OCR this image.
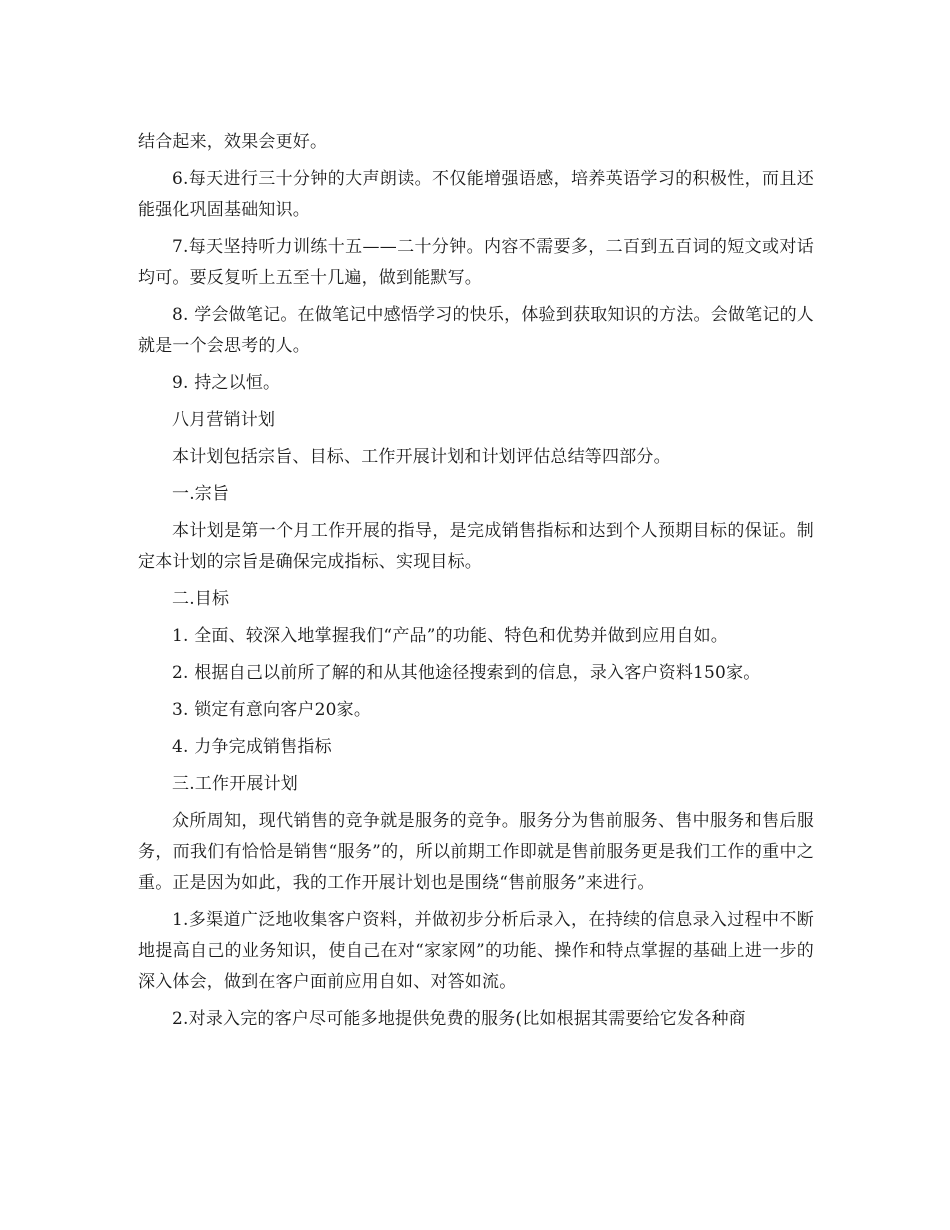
结合起来，效果会更好。

6.每天进行三十分钟的大声朗读。不仅能增强语感，培养英语学习的积极性，而且还能强化巩固基础知识。

7.每天坚持听力训练十五——二十分钟。内容不需要多，二百到五百词的短文或对话均可。要反复听上五至十几遍，做到能默写。

8. 学会做笔记。在做笔记中感悟学习的快乐，体验到获取知识的方法。会做笔记的人就是一个会思考的人。

9. 持之以恒。

八月营销计划

本计划包括宗旨、目标、工作开展计划和计划评估总结等四部分。

一.宗旨

本计划是第一个月工作开展的指导，是完成销售指标和达到个人预期目标的保证。制定本计划的宗旨是确保完成指标、实现目标。

二.目标

1. 全面、较深入地掌握我们“产品”的功能、特色和优势并做到应用自如。

2. 根据自己以前所了解的和从其他途径搜索到的信息，录入客户资料150家。

3. 锁定有意向客户20家。

4. 力争完成销售指标

三.工作开展计划

众所周知，现代销售的竞争就是服务的竞争。服务分为售前服务、售中服务和售后服务，而我们有恰恰是销售“服务”的，所以前期工作即就是售前服务更是我们工作的重中之重。正是因为如此，我的工作开展计划也是围绕“售前服务”来进行。

1.多渠道广泛地收集客户资料，并做初步分析后录入，在持续的信息录入过程中不断地提高自己的业务知识，使自己在对“家家网”的功能、操作和特点掌握的基础上进一步的深入体会，做到在客户面前应用自如、对答如流。

2.对录入完的客户尽可能多地提供免费的服务(比如根据其需要给它发各种商
